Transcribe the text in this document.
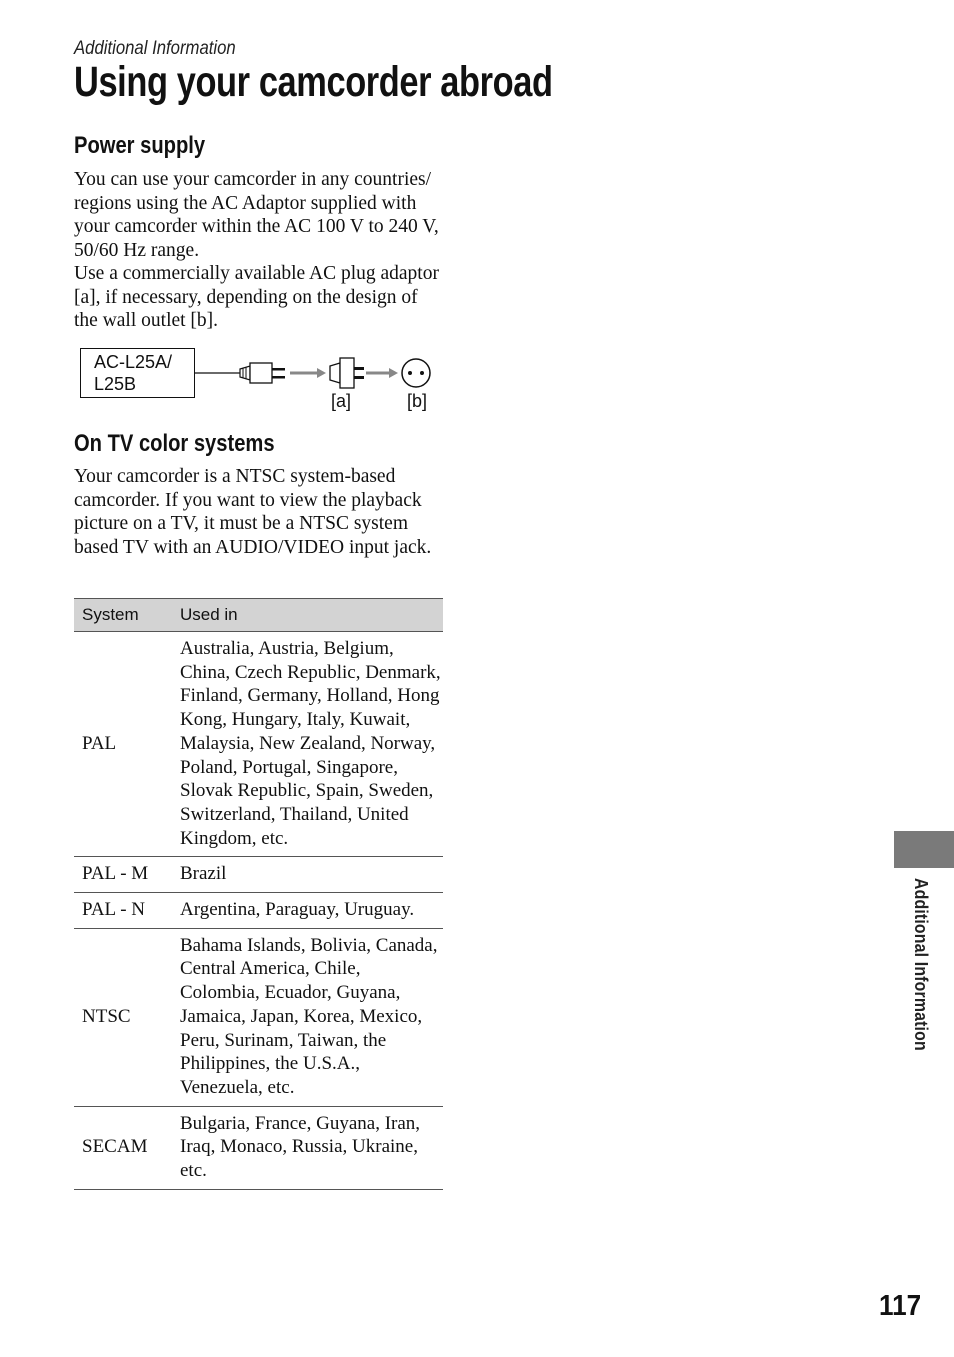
Additional Information
Using your camcorder abroad
Power supply

You can use your camcorder in any countries/ regions using the AC Adaptor supplied with your camcorder within the AC 100 V to 240 V, 50/60 Hz range.

Use a commercially available AC plug adaptor [a], if necessary, depending on the design of the wall outlet [b].

AC-L25A/
L25B
[a]	[b]
On TV color systems

Your camcorder is a NTSC system-based camcorder. If you want to view the playback picture on a TV, it must be a NTSC system based TV with an AUDIO/VIDEO input jack.

System	Used in
PAL	Australia, Austria, Belgium, China, Czech Republic, Denmark, Finland, Germany, Holland, Hong Kong, Hungary, Italy, Kuwait, Malaysia, New Zealand, Norway, Poland, Portugal, Singapore, Slovak Republic, Spain, Sweden, Switzerland, Thailand, United Kingdom, etc.
PAL - M	Brazil
PAL - N	Argentina, Paraguay, Uruguay.
NTSC	Bahama Islands, Bolivia, Canada, Central America, Chile, Colombia, Ecuador, Guyana, Jamaica, Japan, Korea, Mexico, Peru, Surinam, Taiwan, the Philippines, the U.S.A., Venezuela, etc.
SECAM	Bulgaria, France, Guyana, Iran, Iraq, Monaco, Russia, Ukraine, etc.
Additional Information
117
